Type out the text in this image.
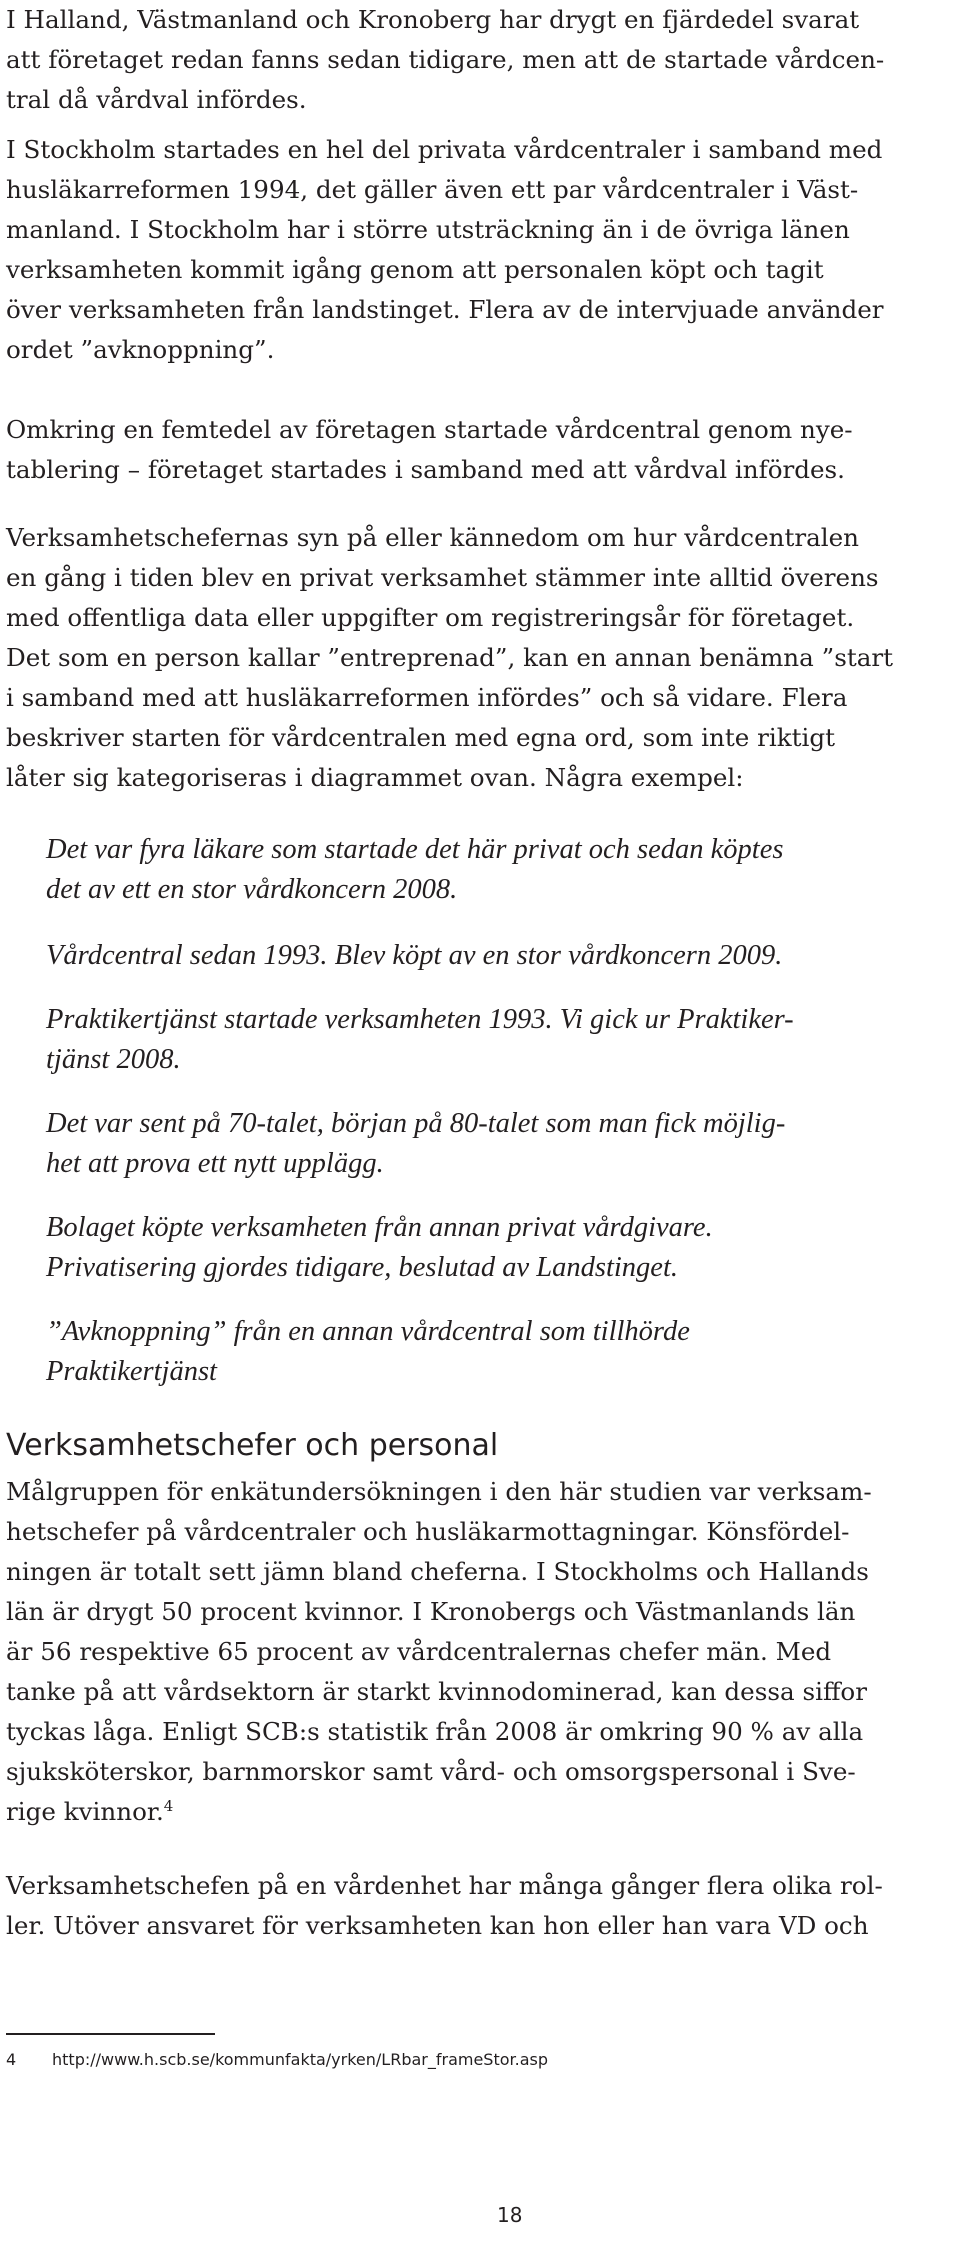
I Halland, Västmanland och Kronoberg har drygt en fjärdedel svarat
att företaget redan fanns sedan tidigare, men att de startade vårdcen-
tral då vårdval infördes.

I Stockholm startades en hel del privata vårdcentraler i samband med
husläkarreformen 1994, det gäller även ett par vårdcentraler i Väst-
manland. I Stockholm har i större utsträckning än i de övriga länen
verksamheten kommit igång genom att personalen köpt och tagit
över verksamheten från landstinget. Flera av de intervjuade använder
ordet ”avknoppning”.

Omkring en femtedel av företagen startade vårdcentral genom nye-
tablering – företaget startades i samband med att vårdval infördes.

Verksamhetschefernas syn på eller kännedom om hur vårdcentralen
en gång i tiden blev en privat verksamhet stämmer inte alltid överens
med offentliga data eller uppgifter om registreringsår för företaget.
Det som en person kallar ”entreprenad”, kan en annan benämna ”start
i samband med att husläkarreformen infördes” och så vidare. Flera
beskriver starten för vårdcentralen med egna ord, som inte riktigt
låter sig kategoriseras i diagrammet ovan. Några exempel:

Det var fyra läkare som startade det här privat och sedan köptes
det av ett en stor vårdkoncern 2008.

Vårdcentral sedan 1993. Blev köpt av en stor vårdkoncern 2009.

Praktikertjänst startade verksamheten 1993. Vi gick ur Praktiker-
tjänst 2008.

Det var sent på 70-talet, början på 80-talet som man fick möjlig-
het att prova ett nytt upplägg.

Bolaget köpte verksamheten från annan privat vårdgivare.
Privatisering gjordes tidigare, beslutad av Landstinget.

”Avknoppning” från en annan vårdcentral som tillhörde
Praktikertjänst

Verksamhetschefer och personal

Målgruppen för enkätundersökningen i den här studien var verksam-
hetschefer på vårdcentraler och husläkarmottagningar. Könsfördel-
ningen är totalt sett jämn bland cheferna. I Stockholms och Hallands
län är drygt 50 procent kvinnor. I Kronobergs och Västmanlands län
är 56 respektive 65 procent av vårdcentralernas chefer män. Med
tanke på att vårdsektorn är starkt kvinnodominerad, kan dessa siffor
tyckas låga. Enligt SCB:s statistik från 2008 är omkring 90 % av alla
sjuksköterskor, barnmorskor samt vård- och omsorgspersonal i Sve-
rige kvinnor.$^4$

Verksamhetschefen på en vårdenhet har många gånger flera olika rol-
ler. Utöver ansvaret för verksamheten kan hon eller han vara VD och

4 http://www.h.scb.se/kommunfakta/yrken/LRbar_frameStor.asp
18
